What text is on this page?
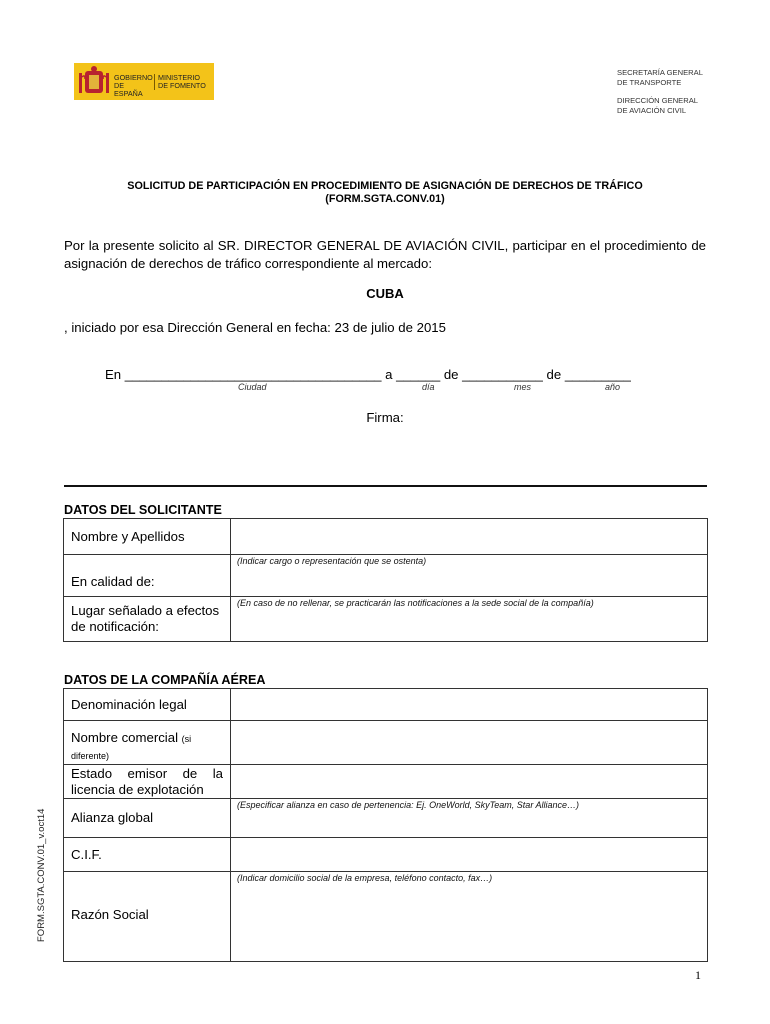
GOBIERNO DE ESPAÑA
MINISTERIO DE FOMENTO
SECRETARÍA GENERAL
DE TRANSPORTE
DIRECCIÓN GENERAL
DE AVIACIÓN CIVIL
SOLICITUD DE PARTICIPACIÓN EN PROCEDIMIENTO DE ASIGNACIÓN DE DERECHOS DE TRÁFICO
(FORM.SGTA.CONV.01)

Por la presente solicito al SR. DIRECTOR GENERAL DE AVIACIÓN CIVIL, participar en el procedimiento de asignación de derechos de tráfico correspondiente al mercado:

CUBA

, iniciado por esa Dirección General en fecha: 23 de julio de 2015

En ___________________________________ a ______ de ___________ de _________
Ciudad	día	mes	año
Firma:
DATOS DEL SOLICITANTE
Nombre y Apellidos	
En calidad de:	(Indicar cargo o representación que se ostenta)

Lugar señalado a efectos de notificación:	(En caso de no rellenar, se practicarán las notificaciones a la sede social de la compañía)
DATOS DE LA COMPAÑÍA AÉREA
Denominación legal	
Nombre comercial (si diferente)	
Estado emisor de la licencia de explotación	
Alianza global	(Especificar alianza en caso de pertenencia: Ej. OneWorld, SkyTeam, Star Alliance…)

C.I.F.	
Razón Social	(Indicar domicilio social de la empresa, teléfono contacto, fax…)
FORM.SGTA.CONV.01_v.oct14
1
